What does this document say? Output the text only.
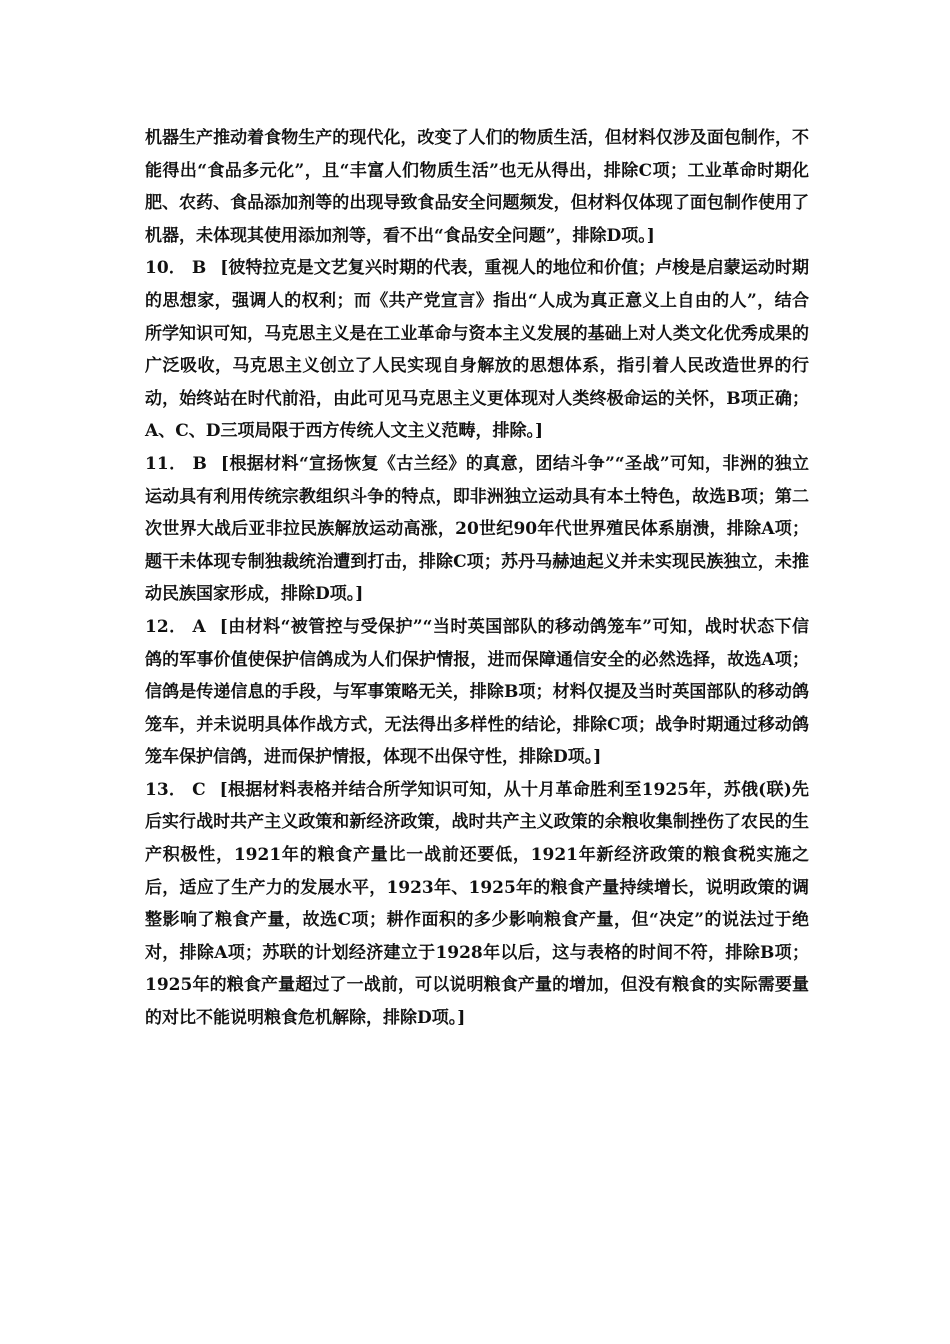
机器生产推动着食物生产的现代化，改变了人们的物质生活，但材料仅涉及面包制作，不能得出“食品多元化”，且“丰富人们物质生活”也无从得出，排除C项；工业革命时期化肥、农药、食品添加剂等的出现导致食品安全问题频发，但材料仅体现了面包制作使用了机器，未体现其使用添加剂等，看不出“食品安全问题”，排除D项。]

10． B [彼特拉克是文艺复兴时期的代表，重视人的地位和价值；卢梭是启蒙运动时期的思想家，强调人的权利；而《共产党宣言》指出“人成为真正意义上自由的人”，结合所学知识可知，马克思主义是在工业革命与资本主义发展的基础上对人类文化优秀成果的广泛吸收，马克思主义创立了人民实现自身解放的思想体系，指引着人民改造世界的行动，始终站在时代前沿，由此可见马克思主义更体现对人类终极命运的关怀，B项正确；A、C、D三项局限于西方传统人文主义范畴，排除。]

11． B [根据材料“宣扬恢复《古兰经》的真意，团结斗争”“圣战”可知，非洲的独立运动具有利用传统宗教组织斗争的特点，即非洲独立运动具有本土特色，故选B项；第二次世界大战后亚非拉民族解放运动高涨，20世纪90年代世界殖民体系崩溃，排除A项；题干未体现专制独裁统治遭到打击，排除C项；苏丹马赫迪起义并未实现民族独立，未推动民族国家形成，排除D项。]

12． A [由材料“被管控与受保护”“当时英国部队的移动鸽笼车”可知，战时状态下信鸽的军事价值使保护信鸽成为人们保护情报，进而保障通信安全的必然选择，故选A项；信鸽是传递信息的手段，与军事策略无关，排除B项；材料仅提及当时英国部队的移动鸽笼车，并未说明具体作战方式，无法得出多样性的结论，排除C项；战争时期通过移动鸽笼车保护信鸽，进而保护情报，体现不出保守性，排除D项。]

13． C [根据材料表格并结合所学知识可知，从十月革命胜利至1925年，苏俄(联)先后实行战时共产主义政策和新经济政策，战时共产主义政策的余粮收集制挫伤了农民的生产积极性，1921年的粮食产量比一战前还要低，1921年新经济政策的粮食税实施之后，适应了生产力的发展水平，1923年、1925年的粮食产量持续增长，说明政策的调整影响了粮食产量，故选C项；耕作面积的多少影响粮食产量，但“决定”的说法过于绝对，排除A项；苏联的计划经济建立于1928年以后，这与表格的时间不符，排除B项；1925年的粮食产量超过了一战前，可以说明粮食产量的增加，但没有粮食的实际需要量的对比不能说明粮食危机解除，排除D项。]
